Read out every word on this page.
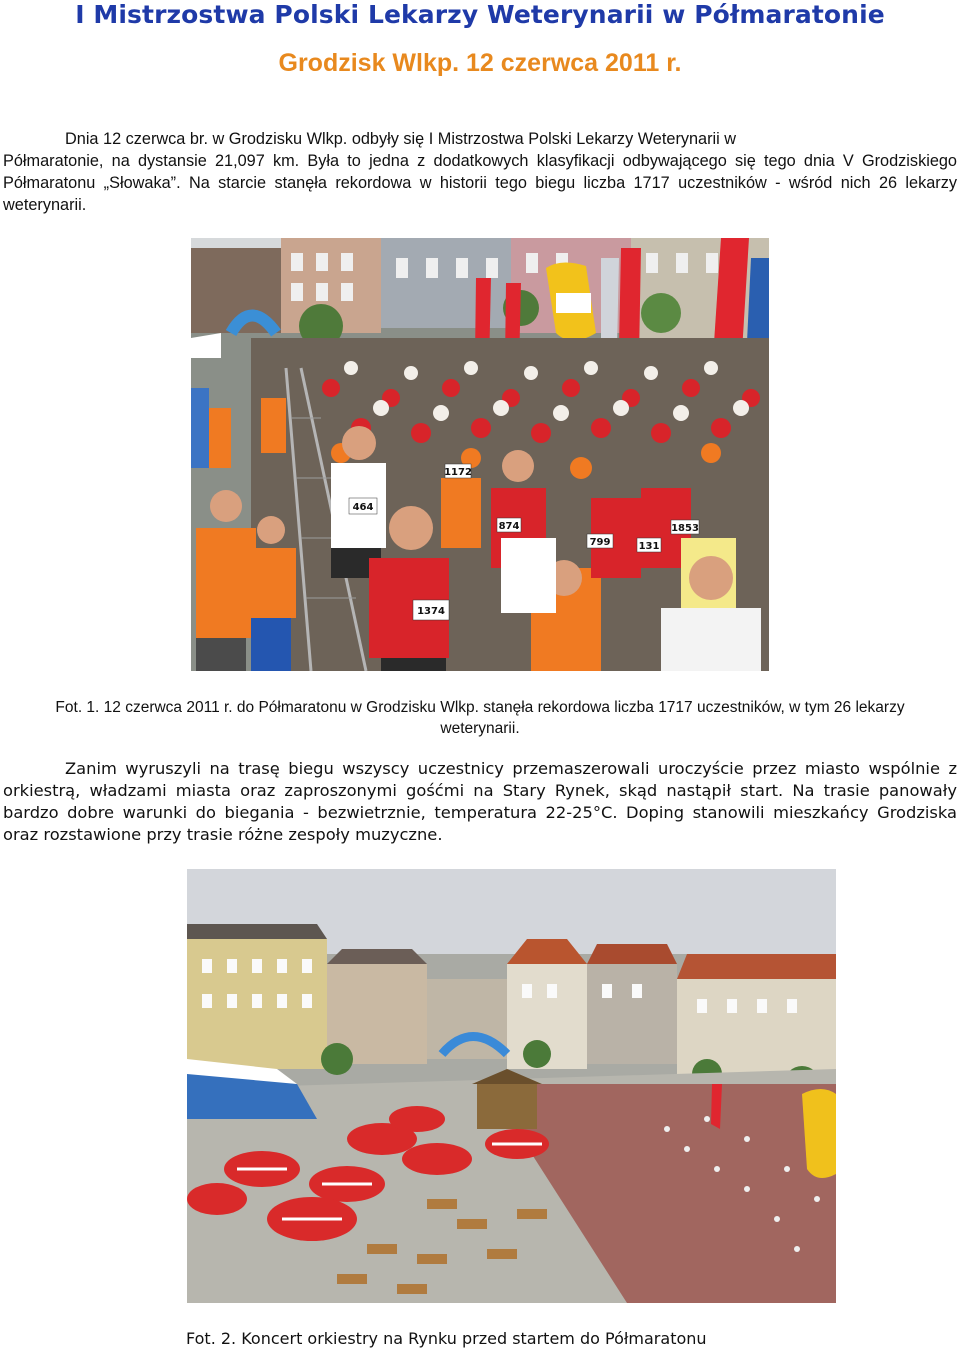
I Mistrzostwa Polski Lekarzy Weterynarii w Półmaratonie
Grodzisk Wlkp. 12 czerwca 2011 r.

Dnia 12 czerwca br. w Grodzisku Wlkp. odbyły się I Mistrzostwa Polski Lekarzy Weterynarii w
Półmaratonie, na dystansie 21,097 km. Była to jedna z dodatkowych klasyfikacji odbywającego się tego dnia V Grodziskiego Półmaratonu „Słowaka”. Na starcie stanęła rekordowa w historii tego biegu liczba 1717 uczestników - wśród nich 26 lekarzy weterynarii.

464
1374
1172
799	131
874	1853

Fot. 1. 12 czerwca 2011 r. do Półmaratonu w Grodzisku Wlkp. stanęła rekordowa liczba 1717 uczestników, w tym 26 lekarzy weterynarii.

Zanim wyruszyli na trasę biegu wszyscy uczestnicy przemaszerowali uroczyście przez miasto wspólnie z orkiestrą, władzami miasta oraz zaproszonymi gośćmi na Stary Rynek, skąd nastąpił start. Na trasie panowały bardzo dobre warunki do biegania - bezwietrznie, temperatura 22-25°C. Doping stanowili mieszkańcy Grodziska oraz rozstawione przy trasie różne zespoły muzyczne.

Fot. 2. Koncert orkiestry na Rynku przed startem do Półmaratonu
